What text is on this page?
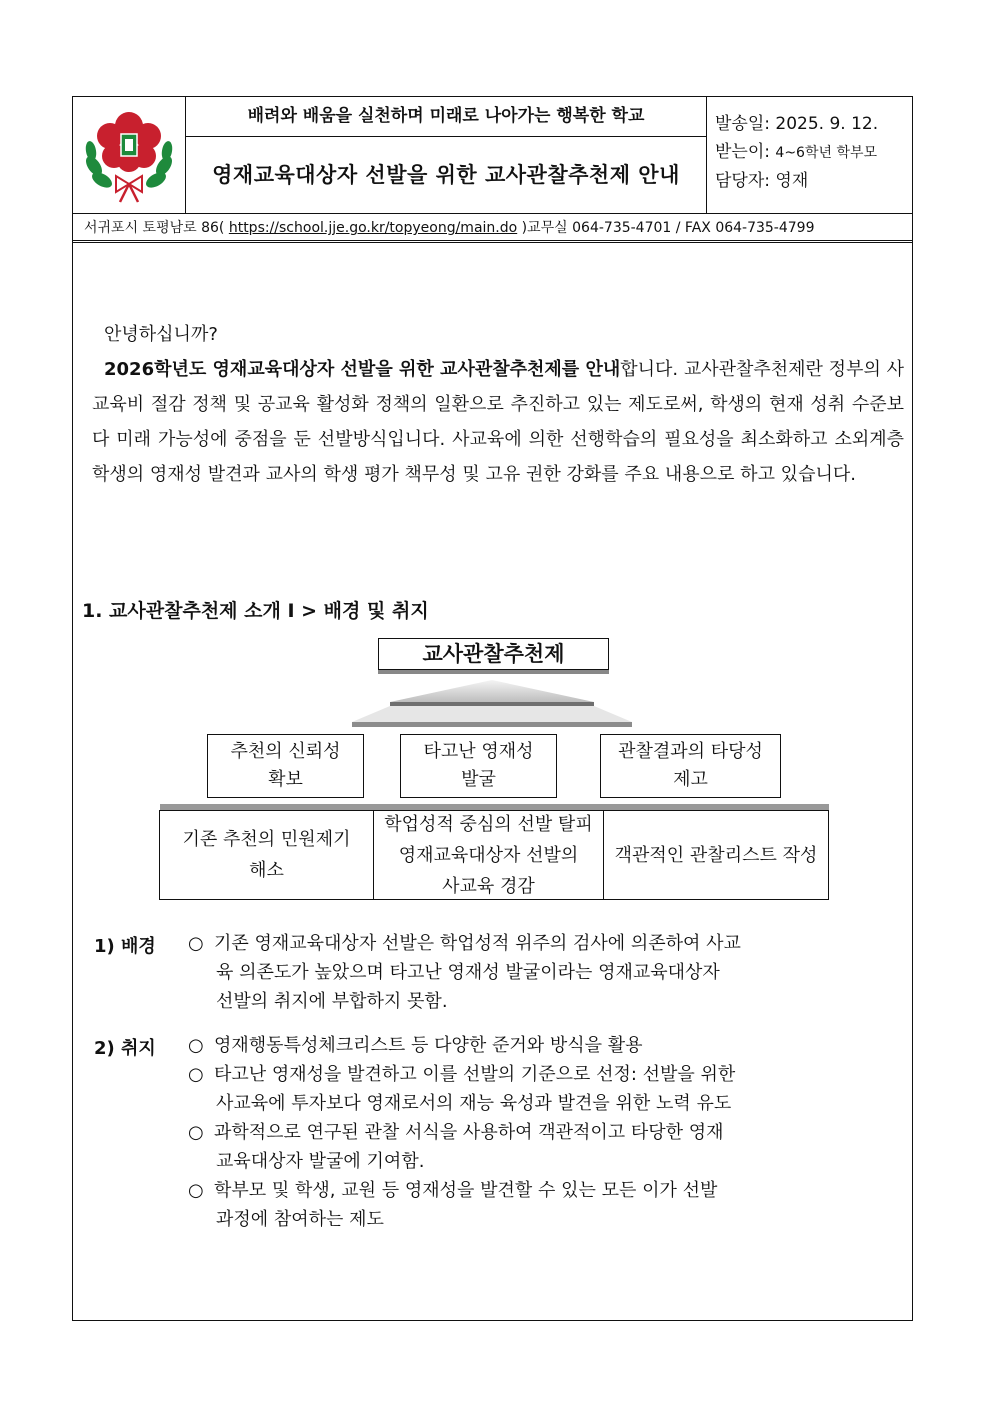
배려와 배움을 실천하며 미래로 나아가는 행복한 학교
영재교육대상자 선발을 위한 교사관찰추천제 안내
발송일: 2025. 9. 12.
받는이: 4~6학년 학부모
담당자: 영재
서귀포시 토평남로 86( https://school.jje.go.kr/topyeong/main.do )교무실 064-735-4701 / FAX 064-735-4799
안녕하십니까?
2026학년도 영재교육대상자 선발을 위한 교사관찰추천제를 안내합니다. 교사관찰추천제란 정부의 사교육비 절감 정책 및 공교육 활성화 정책의 일환으로 추진하고 있는 제도로써, 학생의 현재 성취 수준보다 미래 가능성에 중점을 둔 선발방식입니다. 사교육에 의한 선행학습의 필요성을 최소화하고 소외계층 학생의 영재성 발견과 교사의 학생 평가 책무성 및 고유 권한 강화를 주요 내용으로 하고 있습니다.
1. 교사관찰추천제 소개 I > 배경 및 취지
교사관찰추천제
추천의 신뢰성
확보
타고난 영재성
발굴
관찰결과의 타당성
제고
기존 추천의 민원제기
해소
학업성적 중심의 선발 탈피
영재교육대상자 선발의
사교육 경감
객관적인 관찰리스트 작성
1) 배경 ○ 기존 영재교육대상자 선발은 학업성적 위주의 검사에 의존하여 사교
육 의존도가 높았으며 타고난 영재성 발굴이라는 영재교육대상자
선발의 취지에 부합하지 못함.
2) 취지 ○ 영재행동특성체크리스트 등 다양한 준거와 방식을 활용
○ 타고난 영재성을 발견하고 이를 선발의 기준으로 선정: 선발을 위한
사교육에 투자보다 영재로서의 재능 육성과 발견을 위한 노력 유도
○ 과학적으로 연구된 관찰 서식을 사용하여 객관적이고 타당한 영재
교육대상자 발굴에 기여함.
○ 학부모 및 학생, 교원 등 영재성을 발견할 수 있는 모든 이가 선발
과정에 참여하는 제도
